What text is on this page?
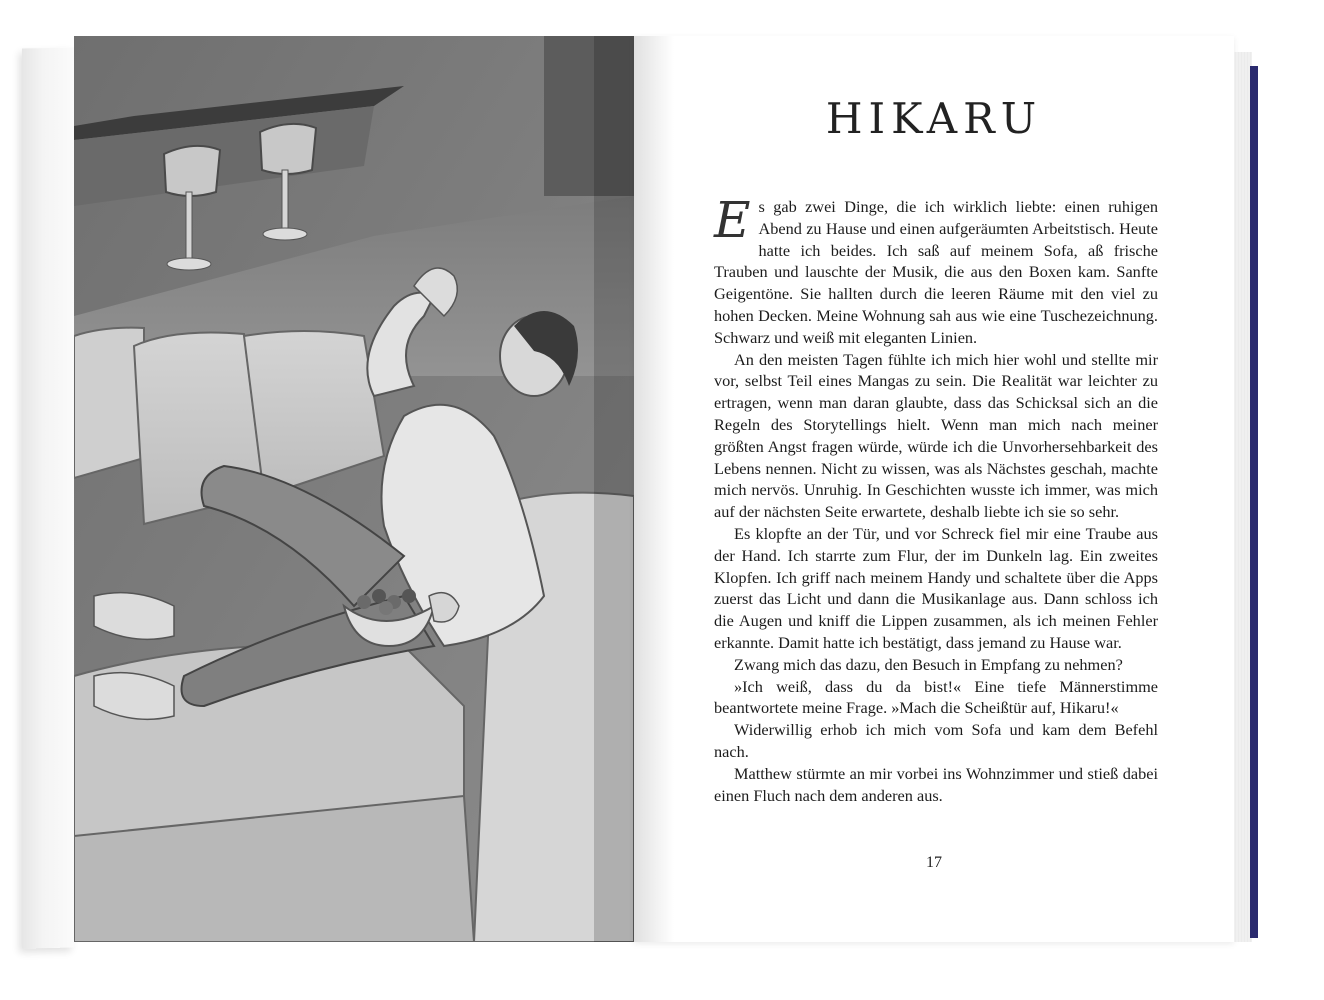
HIKARU

Es gab zwei Dinge, die ich wirklich liebte: einen ruhigen Abend zu Hause und einen aufgeräumten Arbeitstisch. Heute hatte ich beides. Ich saß auf meinem Sofa, aß frische Trauben und lauschte der Musik, die aus den Boxen kam. Sanfte Geigentöne. Sie hallten durch die leeren Räume mit den viel zu hohen Decken. Meine Wohnung sah aus wie eine Tuschezeichnung. Schwarz und weiß mit eleganten Linien.

An den meisten Tagen fühlte ich mich hier wohl und stellte mir vor, selbst Teil eines Mangas zu sein. Die Realität war leichter zu ertragen, wenn man daran glaubte, dass das Schicksal sich an die Regeln des Storytellings hielt. Wenn man mich nach meiner größten Angst fragen würde, würde ich die Unvorhersehbarkeit des Lebens nennen. Nicht zu wissen, was als Nächstes geschah, machte mich nervös. Unruhig. In Geschichten wusste ich immer, was mich auf der nächsten Seite erwartete, deshalb liebte ich sie so sehr.

Es klopfte an der Tür, und vor Schreck fiel mir eine Traube aus der Hand. Ich starrte zum Flur, der im Dunkeln lag. Ein zweites Klopfen. Ich griff nach meinem Handy und schaltete über die Apps zuerst das Licht und dann die Musikanlage aus. Dann schloss ich die Augen und kniff die Lippen zusammen, als ich meinen Fehler erkannte. Damit hatte ich bestätigt, dass jemand zu Hause war.

Zwang mich das dazu, den Besuch in Empfang zu nehmen?

»Ich weiß, dass du da bist!« Eine tiefe Männerstimme beantwortete meine Frage. »Mach die Scheißtür auf, Hikaru!«

Widerwillig erhob ich mich vom Sofa und kam dem Befehl nach.

Matthew stürmte an mir vorbei ins Wohnzimmer und stieß dabei einen Fluch nach dem anderen aus.

17
